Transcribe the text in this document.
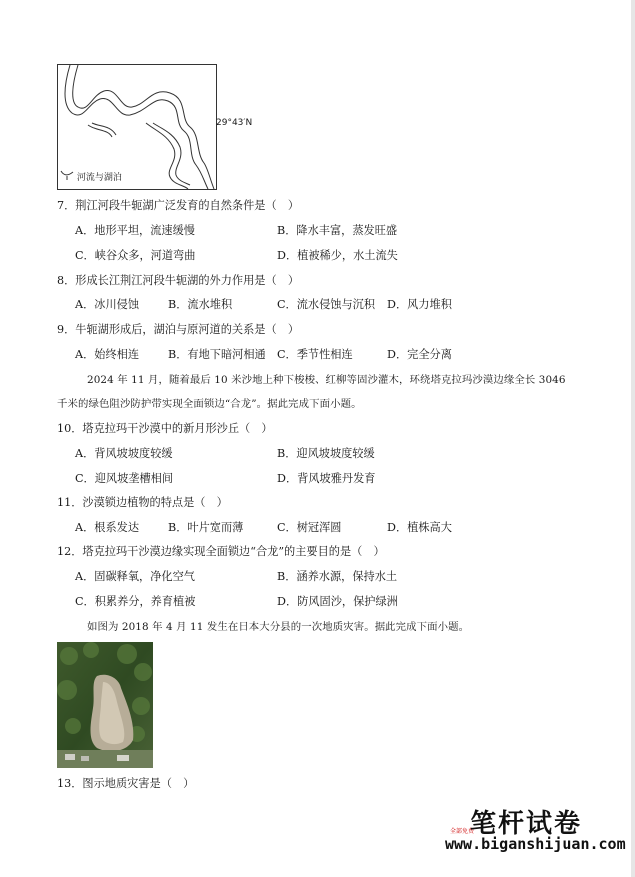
29°43′N
河流与湖泊
7．荆江河段牛轭湖广泛发育的自然条件是（　）
A．地形平坦，流速缓慢	B．降水丰富，蒸发旺盛
C．峡谷众多，河道弯曲	D．植被稀少，水土流失
8．形成长江荆江河段牛轭湖的外力作用是（　）
A．冰川侵蚀	B．流水堆积	C．流水侵蚀与沉积 D．风力堆积
9．牛轭湖形成后，湖泊与原河道的关系是（　）
A．始终相连	B．有地下暗河相通 C．季节性相连	D．完全分离
2024 年 11 月，随着最后 10 米沙地上种下梭梭、红柳等固沙灌木，环绕塔克拉玛沙漠边缘全长 3046
千米的绿色阻沙防护带实现全面锁边“合龙”。据此完成下面小题。
10．塔克拉玛干沙漠中的新月形沙丘（　）
A．背风坡坡度较缓	B．迎风坡坡度较缓
C．迎风坡垄槽相间	D．背风坡雅丹发育
11．沙漠锁边植物的特点是（　）
A．根系发达	B．叶片宽而薄	C．树冠浑圆	D．植株高大
12．塔克拉玛干沙漠边缘实现全面锁边“合龙”的主要目的是（　）
A．固碳释氧，净化空气	B．涵养水源，保持水土
C．积累养分，养育植被	D．防风固沙，保护绿洲
如图为 2018 年 4 月 11 发生在日本大分县的一次地质灾害。据此完成下面小题。
13．图示地质灾害是（　）
全部免费
笔杆试卷
www.biganshijuan.com
